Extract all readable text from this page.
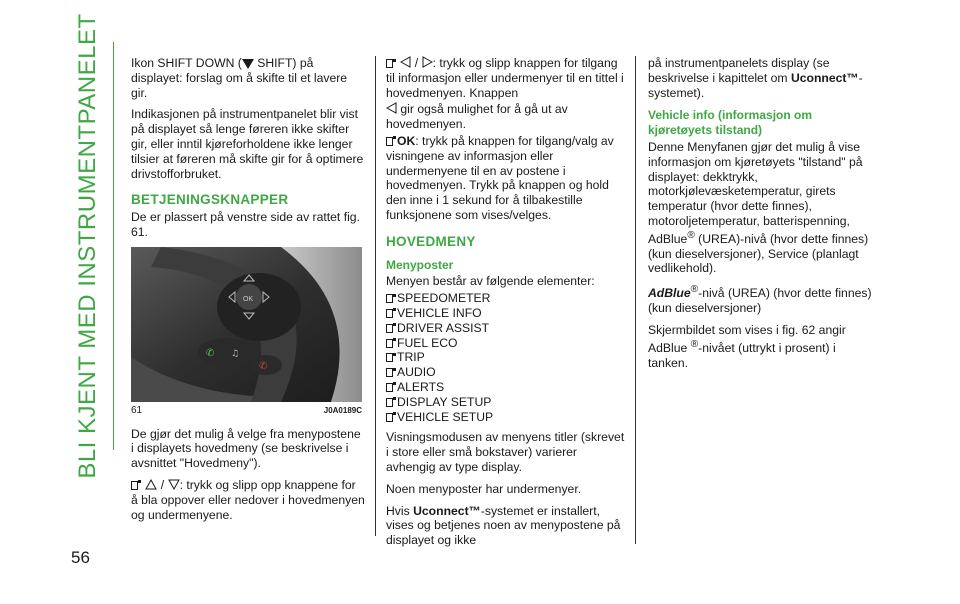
BLI KJENT MED INSTRUMENTPANELET
56

Ikon SHIFT DOWN ( SHIFT) på displayet: forslag om å skifte til et lavere gir.

Indikasjonen på instrumentpanelet blir vist på displayet så lenge føreren ikke skifter gir, eller inntil kjøreforholdene ikke lenger tilsier at føreren må skifte gir for å optimere drivstofforbruket.

BETJENINGSKNAPPER

De er plassert på venstre side av rattet fig. 61.

OK
✆ ♫
✆
61	J0A0189C

De gjør det mulig å velge fra menypostene i displayets hovedmeny (se beskrivelse i avsnittet "Hovedmeny").

/ : trykk og slipp opp knappene for å bla oppover eller nedover i hovedmenyen og undermenyene.

/ : trykk og slipp knappen for tilgang til informasjon eller undermenyer til en tittel i hovedmenyen. Knappen

gir også mulighet for å gå ut av hovedmenyen.

OK: trykk på knappen for tilgang/valg av visningene av informasjon eller undermenyene til en av postene i hovedmenyen. Trykk på knappen og hold den inne i 1 sekund for å tilbakestille funksjonene som vises/velges.

HOVEDMENY
Menyposter

Menyen består av følgende elementer:

SPEEDOMETER
VEHICLE INFO
DRIVER ASSIST
FUEL ECO
TRIP
AUDIO
ALERTS
DISPLAY SETUP
VEHICLE SETUP

Visningsmodusen av menyens titler (skrevet i store eller små bokstaver) varierer avhengig av type display.

Noen menyposter har undermenyer.

Hvis Uconnect™-systemet er installert, vises og betjenes noen av menypostene på displayet og ikke

på instrumentpanelets display (se beskrivelse i kapittelet om Uconnect™-systemet).

Vehicle info (informasjon om kjøretøyets tilstand)

Denne Menyfanen gjør det mulig å vise informasjon om kjøretøyets "tilstand" på displayet: dekktrykk, motorkjølevæsketemperatur, girets temperatur (hvor dette finnes), motoroljetemperatur, batterispenning, AdBlue® (UREA)-nivå (hvor dette finnes) (kun dieselversjoner), Service (planlagt vedlikehold).

AdBlue®-nivå (UREA) (hvor dette finnes) (kun dieselversjoner)

Skjermbildet som vises i fig. 62 angir AdBlue ®-nivået (uttrykt i prosent) i tanken.
